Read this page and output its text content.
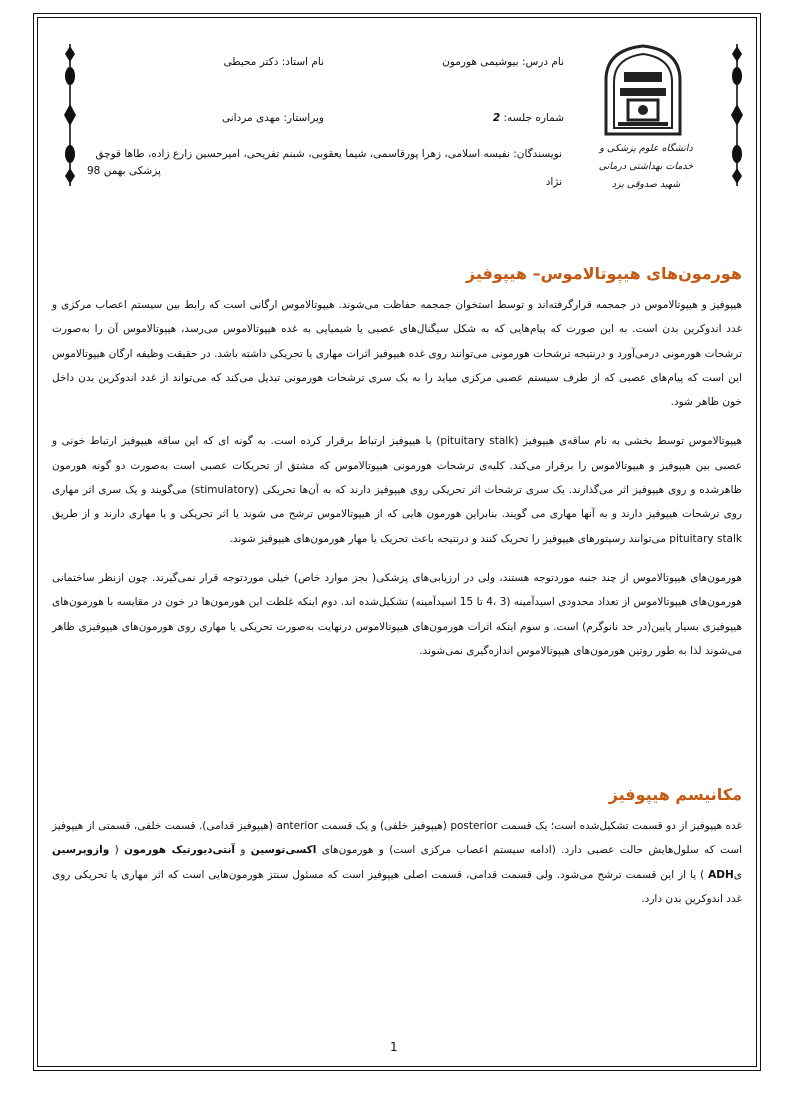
دانشگاه علوم پزشکی و خدمات بهداشتی درمانی شهید صدوقی یزد
نام درس: بیوشیمی هورمون
نام استاد: دکتر محیطی
شماره جلسه: 2
ویراستار: مهدی مردانی
نویسندگان: نفیسه اسلامی، زهرا پورقاسمی، شیما یعقوبی، شبنم تفریحی، امیرحسین زارع زاده، طاها قوچق نژاد
پزشکی بهمن 98
هورمون‌های هیپوتالاموس– هیپوفیز

هیپوفیز و هیپوتالاموس در جمجمه قرارگرفته‌اند و توسط استخوان جمجمه حفاظت می‌شوند. هیپوتالاموس ارگانی است که رابط بین سیستم اعصاب مرکزی و غدد اندوکرین بدن است. به این صورت که پیام‌هایی که به شکل سیگنال‌های عصبی یا شیمیایی به غده هیپوتالاموس می‌رسد، هیپوتالاموس آن را به‌صورت ترشحات هورمونی درمی‌آورد و درنتیجه ترشحات هورمونی می‌توانند روی غده هیپوفیز اثرات مهاری یا تحریکی داشته باشد. در حقیقت وظیفه ارگان هیپوتالاموس این است که پیام‌های عصبی که از طرف سیستم عصبی مرکزی میاید را به یک سری ترشحات هورمونی تبدیل می‌کند که می‌تواند از غدد اندوکرین بدن داخل خون ظاهر شود.

هیپوتالاموس توسط بخشی به نام ساقه‌ی هیپوفیز (pituitary stalk) با هیپوفیز ارتباط برقرار کرده است. به گونه ای که این ساقه هیپوفیز ارتباط خونی و عصبی بین هیپوفیز و هیپوتالاموس را برقرار می‌کند. کلیه‌ی ترشحات هورمونی هیپوتالاموس که مشتق از تحریکات عصبی است به‌صورت دو گونه هورمون ظاهرشده و روی هیپوفیز اثر می‌گذارند. یک سری ترشحات اثر تحریکی روی هیپوفیز دارند که به آن‌ها تحریکی (stimulatory) می‌گویند و یک سری اثر مهاری روی ترشحات هیپوفیز دارند و به آنها مهاری می گویند. بنابراین هورمون هایی که از هیپوتالاموس ترشح می شوند یا اثر تحریکی و یا مهاری دارند و از طریق pituitary stalk می‌توانند رسپتورهای هیپوفیز را تحریک کنند و درنتیجه باعث تحریک یا مهار هورمون‌های هیپوفیز شوند.

هورمون‌های هیپوتالاموس از چند جنبه موردتوجه هستند، ولی در ارزیابی‌های پزشکی( بجز موارد خاص) خیلی موردتوجه قرار نمی‌گیرند. چون ازنظر ساختمانی هورمون‌های هیپوتالاموس از تعداد محدودی اسیدآمینه (3 ،4 تا 15 اسیدآمینه) تشکیل‌شده اند. دوم اینکه غلظت این هورمون‌ها در خون در مقایسه با هورمون‌های هیپوفیزی بسیار پایین(در حد نانوگرم) است. و سوم اینکه اثرات هورمون‌های هیپوتالاموس درنهایت به‌صورت تحریکی یا مهاری روی هورمون‌های هیپوفیزی ظاهر می‌شوند لذا به طور روتین هورمون‌های هیپوتالاموس اندازه‌گیری نمی‌شوند.

مکانیسم هیپوفیز

غده هیپوفیز از دو قسمت تشکیل‌شده است؛ یک قسمت posterior (هیپوفیز خلفی) و یک قسمت anterior (هیپوفیز قدامی). قسمت خلفی، قسمتی از هیپوفیز است که سلول‌هایش حالت عصبی دارد. (ادامه سیستم اعصاب مرکزی است) و هورمون‌های اکسی‌توسین و آنتی‌دیورتیک هورمون ( وازوپرسین یADH ) یا از این قسمت ترشح می‌شود. ولی قسمت قدامی، قسمت اصلی هیپوفیز است که مسئول سنتز هورمون‌هایی است که اثر مهاری یا تحریکی روی غدد اندوکرین بدن دارد.

1
